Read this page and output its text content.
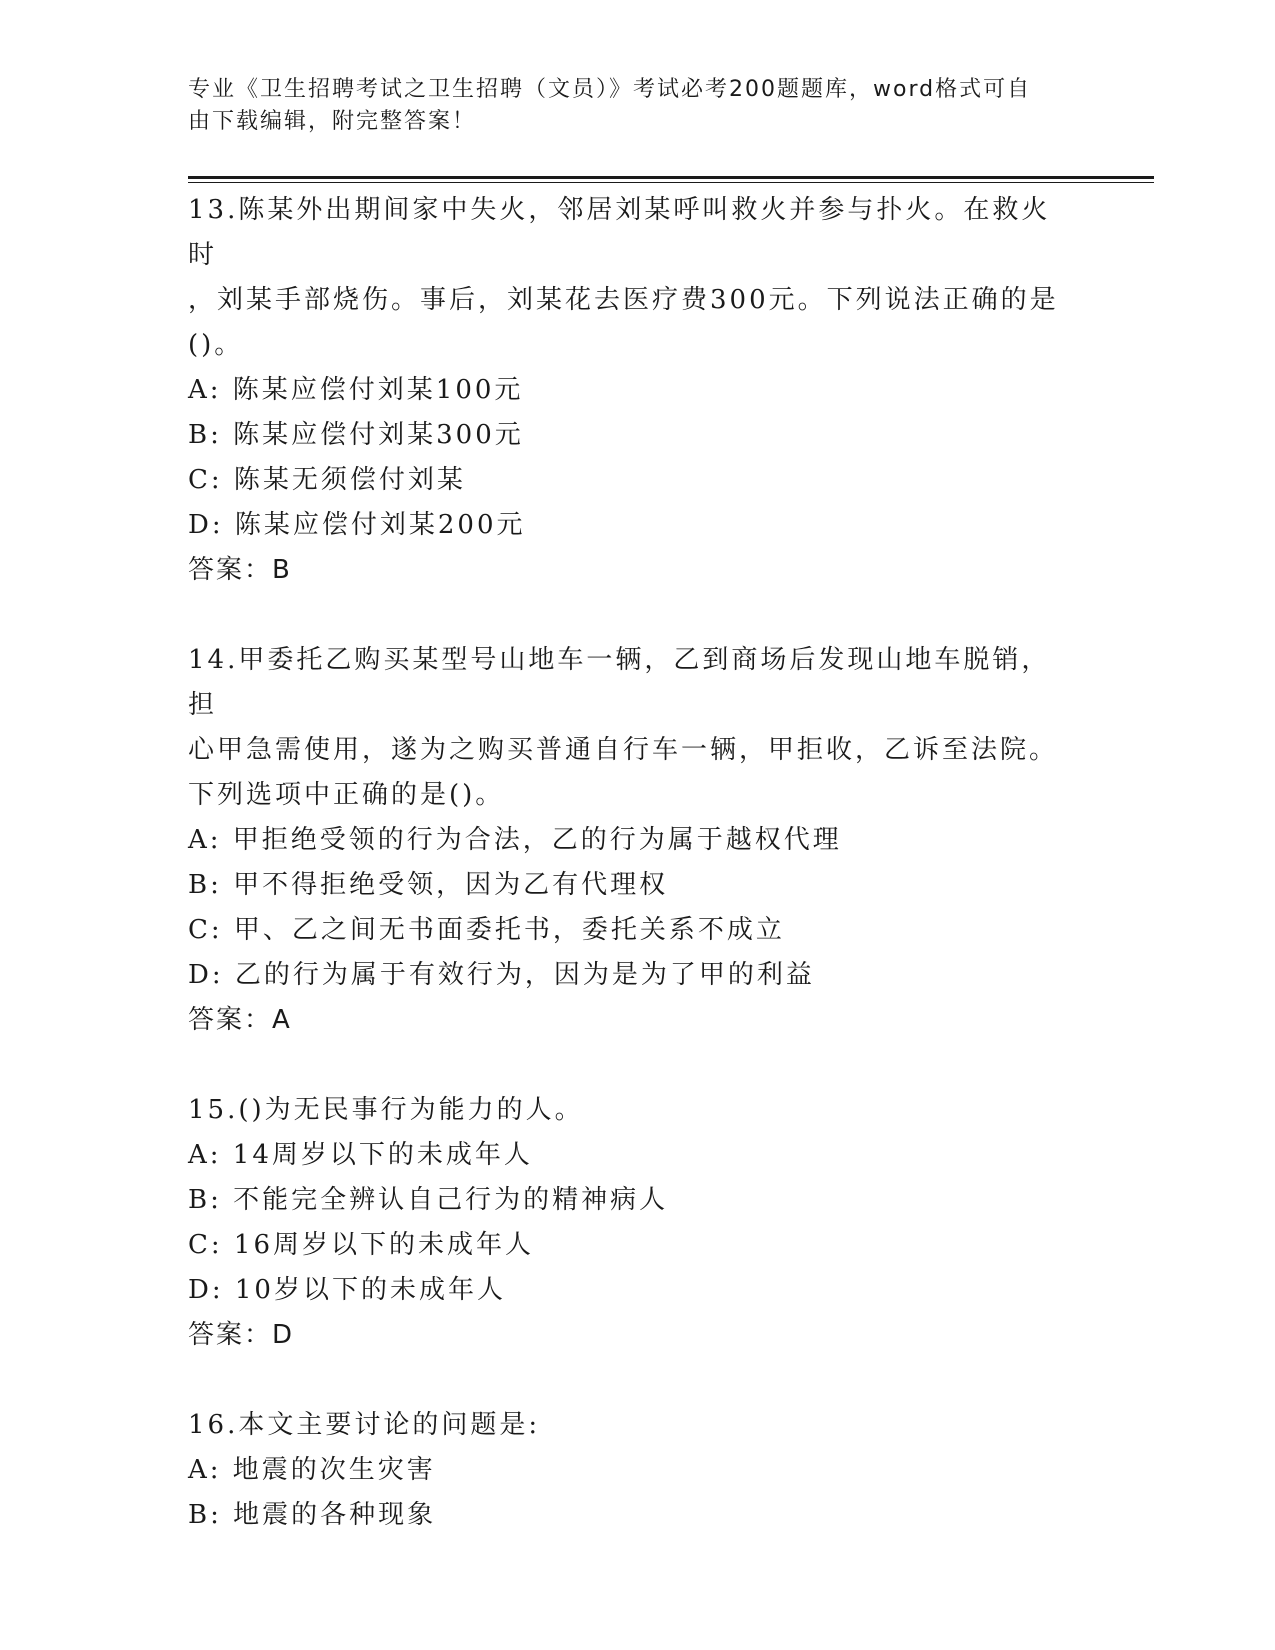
专业《卫生招聘考试之卫生招聘（文员）》考试必考200题题库，word格式可自
由下载编辑，附完整答案！

13.陈某外出期间家中失火，邻居刘某呼叫救火并参与扑火。在救火时

，刘某手部烧伤。事后，刘某花去医疗费300元。下列说法正确的是

()。

A: 陈某应偿付刘某100元

B: 陈某应偿付刘某300元

C: 陈某无须偿付刘某

D: 陈某应偿付刘某200元

答案：B

14.甲委托乙购买某型号山地车一辆，乙到商场后发现山地车脱销，担

心甲急需使用，遂为之购买普通自行车一辆，甲拒收，乙诉至法院。

下列选项中正确的是()。

A: 甲拒绝受领的行为合法，乙的行为属于越权代理

B: 甲不得拒绝受领，因为乙有代理权

C: 甲、乙之间无书面委托书，委托关系不成立

D: 乙的行为属于有效行为，因为是为了甲的利益

答案：A

15.()为无民事行为能力的人。

A: 14周岁以下的未成年人

B: 不能完全辨认自己行为的精神病人

C: 16周岁以下的未成年人

D: 10岁以下的未成年人

答案：D

16.本文主要讨论的问题是:

A: 地震的次生灾害

B: 地震的各种现象
